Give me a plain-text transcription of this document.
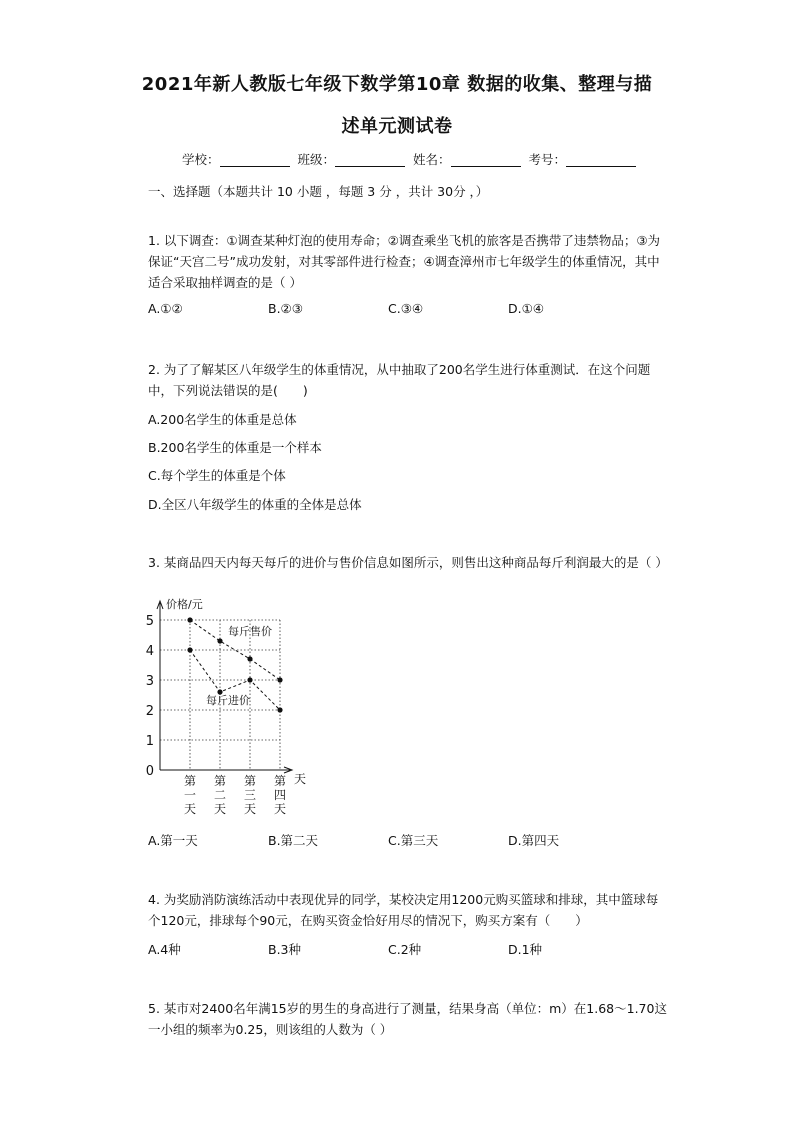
2021年新人教版七年级下数学第10章 数据的收集、整理与描
述单元测试卷
学校：	班级：	姓名：	考号：
一、选择题（本题共计 10 小题 ，每题 3 分 ，共计 30分 ，）
1. 以下调查：①调查某种灯泡的使用寿命；②调查乘坐飞机的旅客是否携带了违禁物品；③为保证“天宫二号”成功发射，对其零部件进行检查；④调查漳州市七年级学生的体重情况，其中适合采取抽样调查的是（ ）
A.①②	B.②③	C.③④	D.①④
2. 为了了解某区八年级学生的体重情况，从中抽取了200名学生进行体重测试．在这个问题中，下列说法错误的是(　　)
A.200名学生的体重是总体
B.200名学生的体重是一个样本
C.每个学生的体重是个体
D.全区八年级学生的体重的全体是总体
3. 某商品四天内每天每斤的进价与售价信息如图所示，则售出这种商品每斤利润最大的是（ ）
0
1
2
3
4
5
价格/元
天
第
一
天
第
二
天
第
三
天
第
四
天
每斤售价
每斤进价
A.第一天	B.第二天	C.第三天	D.第四天
4. 为奖励消防演练活动中表现优异的同学，某校决定用1200元购买篮球和排球，其中篮球每个120元，排球每个90元，在购买资金恰好用尽的情况下，购买方案有（　　）
A.4种	B.3种	C.2种	D.1种
5. 某市对2400名年满15岁的男生的身高进行了测量，结果身高（单位：m）在1.68～1.70这一小组的频率为0.25，则该组的人数为（ ）
